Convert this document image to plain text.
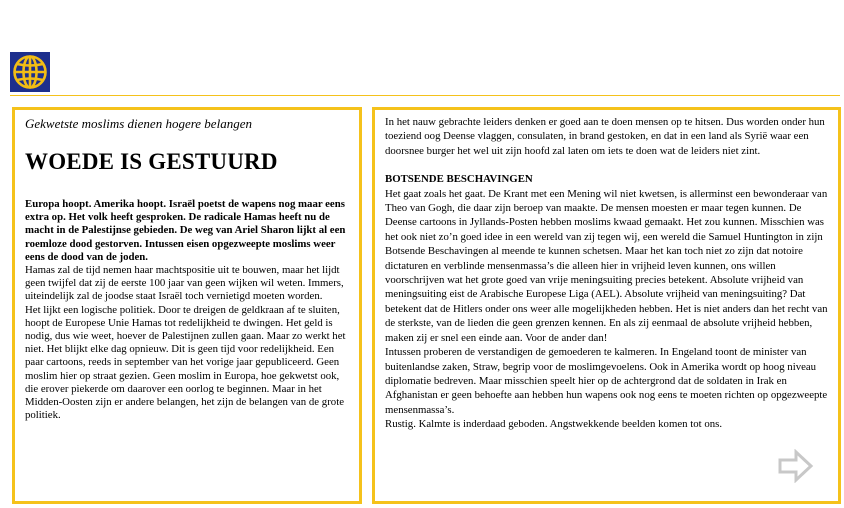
Gekwetste moslims dienen hogere belangen

WOEDE IS GESTUURD

Europa hoopt. Amerika hoopt. Israël poetst de wapens nog maar eens extra op. Het volk heeft gesproken. De radicale Hamas heeft nu de macht in de Palestijnse gebieden. De weg van Ariel Sharon lijkt al een roemloze dood gestorven. Intussen eisen opgezweepte moslims weer eens de dood van de joden.

Hamas zal de tijd nemen haar machtspositie uit te bouwen, maar het lijdt geen twijfel dat zij de eerste 100 jaar van geen wijken wil weten. Immers, uiteindelijk zal de joodse staat Israël toch vernietigd moeten worden.

Het lijkt een logische politiek. Door te dreigen de geldkraan af te sluiten, hoopt de Europese Unie Hamas tot redelijkheid te dwingen. Het geld is nodig, dus wie weet, hoever de Palestijnen zullen gaan. Maar zo werkt het niet. Het blijkt elke dag opnieuw. Dit is geen tijd voor redelijkheid. Een paar cartoons, reeds in september van het vorige jaar gepubliceerd. Geen moslim hier op straat gezien. Geen moslim in Europa, hoe gekwetst ook, die erover piekerde om daarover een oorlog te beginnen. Maar in het Midden-Oosten zijn er andere belangen, het zijn de belangen van de grote politiek.

In het nauw gebrachte leiders denken er goed aan te doen mensen op te hitsen. Dus worden onder hun toeziend oog Deense vlaggen, consulaten, in brand gestoken, en dat in een land als Syrië waar een doorsnee burger het wel uit zijn hoofd zal laten om iets te doen wat de leiders niet zint.

BOTSENDE BESCHAVINGEN

Het gaat zoals het gaat. De Krant met een Mening wil niet kwetsen, is allerminst een bewonderaar van Theo van Gogh, die daar zijn beroep van maakte. De mensen moesten er maar tegen kunnen. De Deense cartoons in Jyllands-Posten hebben moslims kwaad gemaakt. Het zou kunnen. Misschien was het ook niet zo’n goed idee in een wereld van zij tegen wij, een wereld die Samuel Huntington in zijn Botsende Beschavingen al meende te kunnen schetsen. Maar het kan toch niet zo zijn dat notoire dictaturen en verblinde mensenmassa’s die alleen hier in vrijheid leven kunnen, ons willen voorschrijven wat het grote goed van vrije meningsuiting precies betekent. Absolute vrijheid van meningsuiting eist de Arabische Europese Liga (AEL). Absolute vrijheid van meningsuiting? Dat betekent dat de Hitlers onder ons weer alle mogelijkheden hebben. Het is niet anders dan het recht van de sterkste, van de lieden die geen grenzen kennen. En als zij eenmaal de absolute vrijheid hebben, maken zij er snel een einde aan. Voor de ander dan!

Intussen proberen de verstandigen de gemoederen te kalmeren. In Engeland toont de minister van buitenlandse zaken, Straw, begrip voor de moslimgevoelens. Ook in Amerika wordt op hoog niveau diplomatie bedreven. Maar misschien speelt hier op de achtergrond dat de soldaten in Irak en Afghanistan er geen behoefte aan hebben hun wapens ook nog eens te moeten richten op opgezweepte mensenmassa’s.

Rustig. Kalmte is inderdaad geboden. Angstwekkende beelden komen tot ons.
